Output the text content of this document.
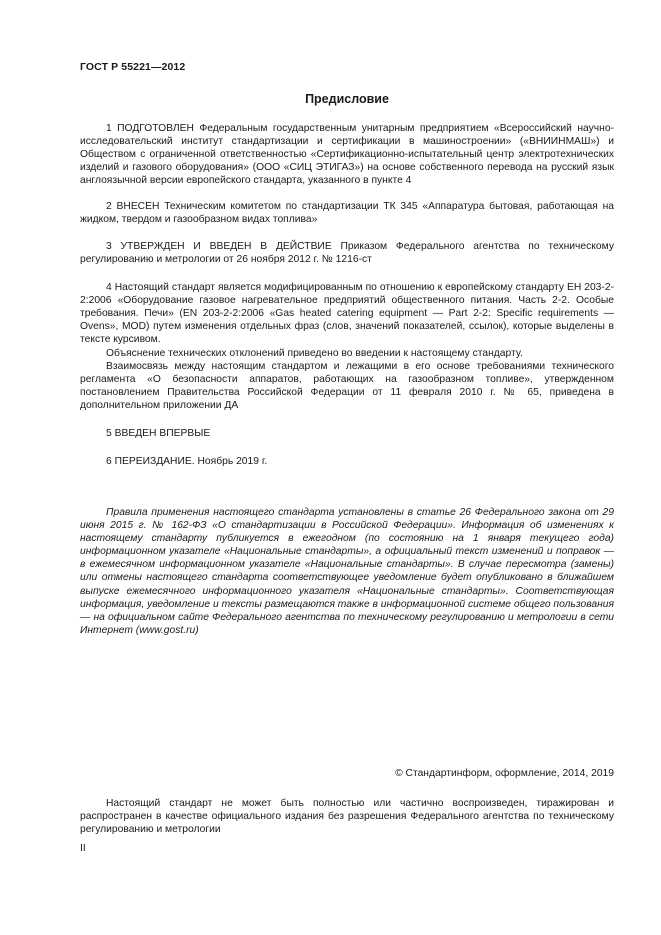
ГОСТ Р 55221—2012
Предисловие

1 ПОДГОТОВЛЕН Федеральным государственным унитарным предприятием «Всероссийский научно-исследовательский институт стандартизации и сертификации в машиностроении» («ВНИИНМАШ») и Обществом с ограниченной ответственностью «Сертификационно-испытательный центр электротехнических изделий и газового оборудования» (ООО «СИЦ ЭТИГАЗ») на основе собственного перевода на русский язык англоязычной версии европейского стандарта, указанного в пункте 4

2 ВНЕСЕН Техническим комитетом по стандартизации ТК 345 «Аппаратура бытовая, работающая на жидком, твердом и газообразном видах топлива»

3 УТВЕРЖДЕН И ВВЕДЕН В ДЕЙСТВИЕ Приказом Федерального агентства по техническому регулированию и метрологии от 26 ноября 2012 г. № 1216-ст

4 Настоящий стандарт является модифицированным по отношению к европейскому стандарту ЕН 203-2-2:2006 «Оборудование газовое нагревательное предприятий общественного питания. Часть 2-2. Особые требования. Печи» (EN 203-2-2:2006 «Gas heated catering equipment — Part 2-2: Specific requirements — Ovens», MOD) путем изменения отдельных фраз (слов, значений показателей, ссылок), которые выделены в тексте курсивом.

Объяснение технических отклонений приведено во введении к настоящему стандарту.

Взаимосвязь между настоящим стандартом и лежащими в его основе требованиями технического регламента «О безопасности аппаратов, работающих на газообразном топливе», утвержденном постановлением Правительства Российской Федерации от 11 февраля 2010 г. № 65, приведена в дополнительном приложении ДА

5 ВВЕДЕН ВПЕРВЫЕ

6 ПЕРЕИЗДАНИЕ. Ноябрь 2019 г.

Правила применения настоящего стандарта установлены в статье 26 Федерального закона от 29 июня 2015 г. № 162-ФЗ «О стандартизации в Российской Федерации». Информация об изменениях к настоящему стандарту публикуется в ежегодном (по состоянию на 1 января текущего года) информационном указателе «Национальные стандарты», а официальный текст изменений и поправок — в ежемесячном информационном указателе «Национальные стандарты». В случае пересмотра (замены) или отмены настоящего стандарта соответствующее уведомление будет опубликовано в ближайшем выпуске ежемесячного информационного указателя «Национальные стандарты». Соответствующая информация, уведомление и тексты размещаются также в информационной системе общего пользования — на официальном сайте Федерального агентства по техническому регулированию и метрологии в сети Интернет (www.gost.ru)

© Стандартинформ, оформление, 2014, 2019

Настоящий стандарт не может быть полностью или частично воспроизведен, тиражирован и распространен в качестве официального издания без разрешения Федерального агентства по техническому регулированию и метрологии

II
